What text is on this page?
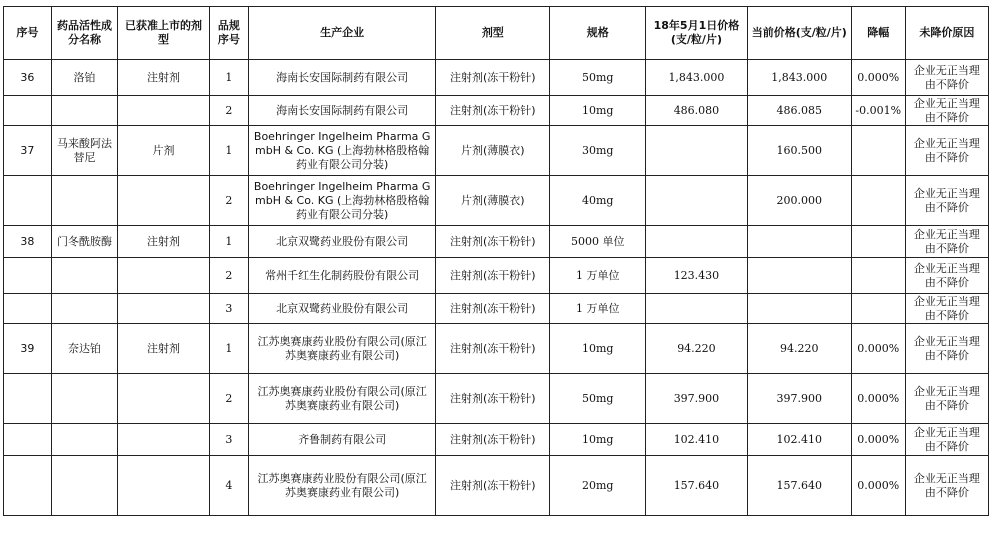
序号	药品活性成分名称	已获准上市的剂型	品规序号	生产企业	剂型	规格	18年5月1日价格(支/粒/片)	当前价格(支/粒/片)	降幅	未降价原因
36	洛铂	注射剂	1	海南长安国际制药有限公司	注射剂(冻干粉针)	50mg	1,843.000	1,843.000	0.000%	企业无正当理由不降价
			2	海南长安国际制药有限公司	注射剂(冻干粉针)	10mg	486.080	486.085	-0.001%	企业无正当理由不降价
37	马来酸阿法替尼	片剂	1	Boehringer Ingelheim Pharma GmbH & Co. KG (上海勃林格殷格翰药业有限公司分装)	片剂(薄膜衣)	30mg		160.500		企业无正当理由不降价
			2	Boehringer Ingelheim Pharma GmbH & Co. KG (上海勃林格殷格翰药业有限公司分装)	片剂(薄膜衣)	40mg		200.000		企业无正当理由不降价
38	门冬酰胺酶	注射剂	1	北京双鹭药业股份有限公司	注射剂(冻干粉针)	5000 单位				企业无正当理由不降价
			2	常州千红生化制药股份有限公司	注射剂(冻干粉针)	1 万单位	123.430			企业无正当理由不降价
			3	北京双鹭药业股份有限公司	注射剂(冻干粉针)	1 万单位				企业无正当理由不降价
39	奈达铂	注射剂	1	江苏奥赛康药业股份有限公司(原江苏奥赛康药业有限公司)	注射剂(冻干粉针)	10mg	94.220	94.220	0.000%	企业无正当理由不降价
			2	江苏奥赛康药业股份有限公司(原江苏奥赛康药业有限公司)	注射剂(冻干粉针)	50mg	397.900	397.900	0.000%	企业无正当理由不降价
			3	齐鲁制药有限公司	注射剂(冻干粉针)	10mg	102.410	102.410	0.000%	企业无正当理由不降价
			4	江苏奥赛康药业股份有限公司(原江苏奥赛康药业有限公司)	注射剂(冻干粉针)	20mg	157.640	157.640	0.000%	企业无正当理由不降价
